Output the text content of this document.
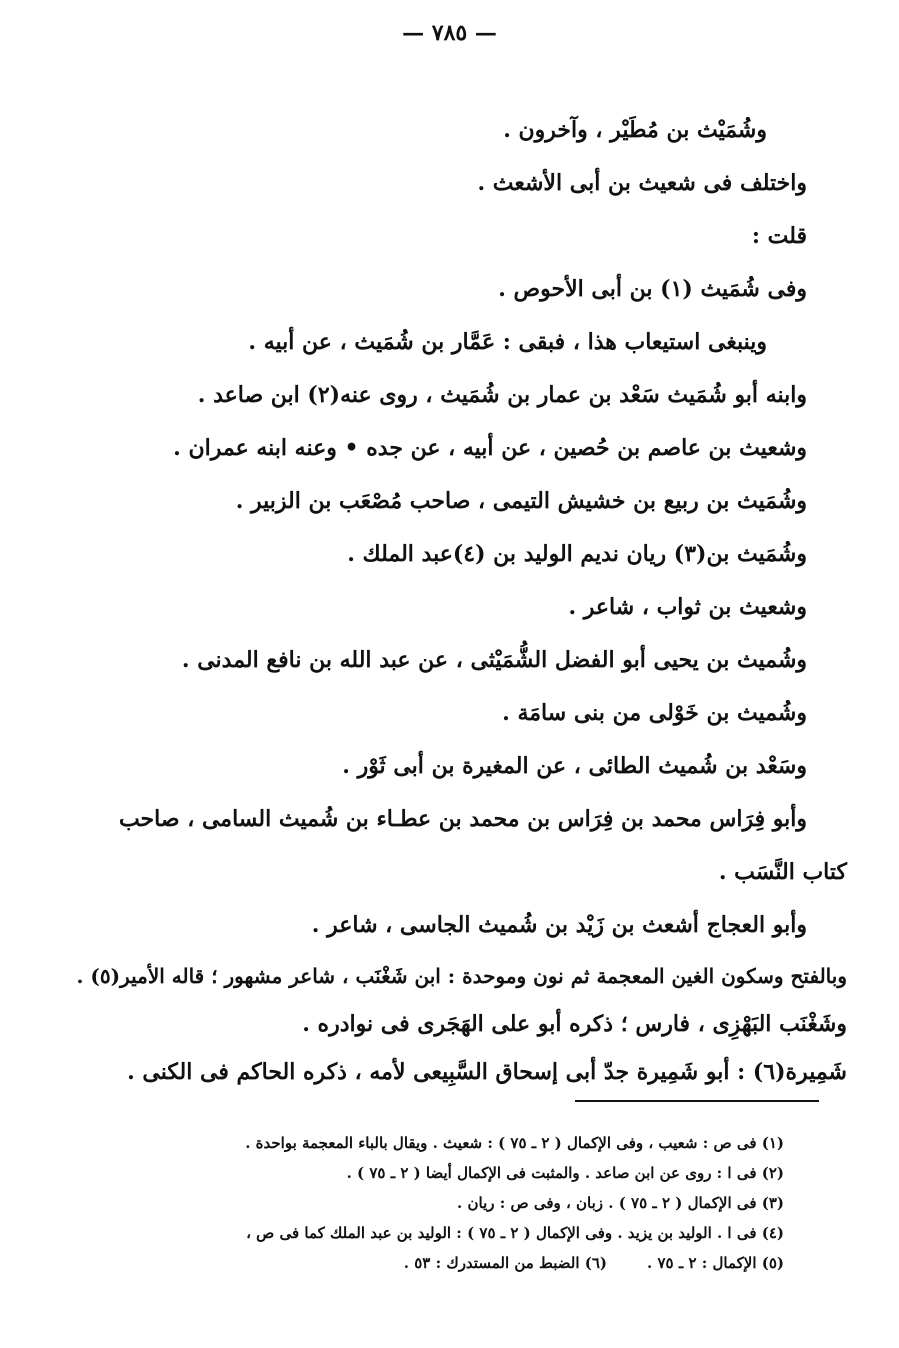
— ٧٨٥ —
وشُمَيْث بن مُطَيْر ، وآخرون .
واختلف فى شعيث بن أبى الأشعث .
قلت :
وفى شُمَيث (١) بن أبى الأحوص .
وينبغى استيعاب هذا ، فبقى : عَمَّار بن شُمَيث ، عن أبيه .
وابنه أبو شُمَيث سَعْد بن عمار بن شُمَيث ، روى عنه(٢) ابن صاعد .
وشعيث بن عاصم بن حُصين ، عن أبيه ، عن جده • وعنه ابنه عمران .
وشُمَيث بن ربيع بن خشيش التيمى ، صاحب مُصْعَب بن الزبير .
وشُمَيث بن(٣) ريان نديم الوليد بن (٤)عبد الملك .
وشعيث بن ثواب ، شاعر .
وشُميث بن يحيى أبو الفضل الشُّمَيْثى ، عن عبد الله بن نافع المدنى .
وشُميث بن خَوْلى من بنى سامَة .
وسَعْد بن شُميث الطائى ، عن المغيرة بن أبى ثَوْر .
وأبو فِرَاس محمد بن فِرَاس بن محمد بن عطـاء بن شُميث السامى ، صاحب
كتاب النَّسَب .
وأبو العجاج أشعث بن زَيْد بن شُميث الجاسى ، شاعر .
وبالفتح وسكون الغين المعجمة ثم نون وموحدة : ابن شَغْنَب ، شاعر مشهور ؛ قاله الأمير(٥) .
وشَغْنَب البَهْزِى ، فارس ؛ ذكره أبو على الهَجَرى فى نوادره .
شَمِيرة(٦) : أبو شَمِيرة جدّ أبى إسحاق السَّبِيعى لأمه ، ذكره الحاكم فى الكنى .
(١) فى ص : شعيب ، وفى الإكمال ( ٢ ـ ٧٥ ) : شعيث . ويقال بالباء المعجمة بواحدة .
(٢) فى ا : روى عن ابن صاعد . والمثبت فى الإكمال أيضا ( ٢ ـ ٧٥ ) .
(٣) فى الإكمال ( ٢ ـ ٧٥ ) . زبان ، وفى ص : ريان .
(٤) فى ا . الوليد بن يزيد . وفى الإكمال ( ٢ ـ ٧٥ ) : الوليد بن عبد الملك كما فى ص ،
(٥) الإكمال : ٢ ـ ٧٥ .
(٦) الضبط من المستدرك : ٥٣ .
